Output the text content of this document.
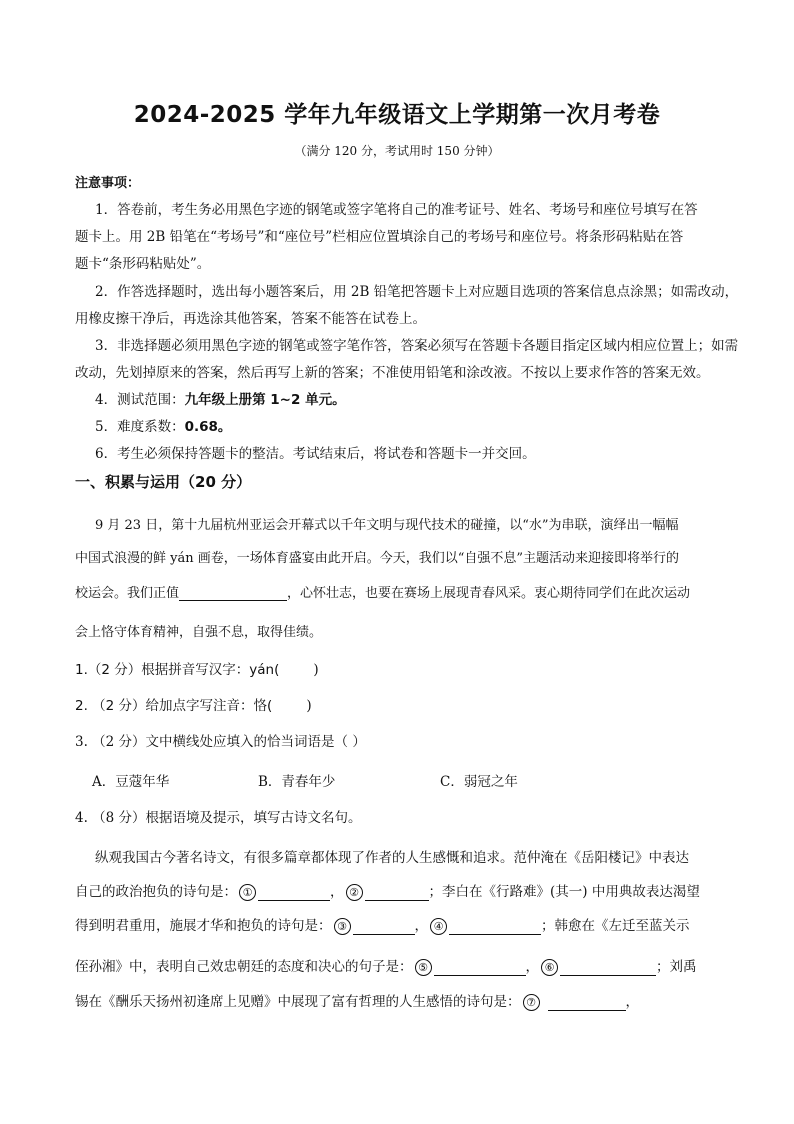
2024-2025 学年九年级语文上学期第一次月考卷
（满分 120 分，考试用时 150 分钟）
注意事项：
1．答卷前，考生务必用黑色字迹的钢笔或签字笔将自己的准考证号、姓名、考场号和座位号填写在答
题卡上。用 2B 铅笔在“考场号”和“座位号”栏相应位置填涂自己的考场号和座位号。将条形码粘贴在答
题卡“条形码粘贴处”。
2．作答选择题时，选出每小题答案后，用 2B 铅笔把答题卡上对应题目选项的答案信息点涂黑；如需改动，
用橡皮擦干净后，再选涂其他答案，答案不能答在试卷上。
3．非选择题必须用黑色字迹的钢笔或签字笔作答，答案必须写在答题卡各题目指定区域内相应位置上；如需
改动，先划掉原来的答案，然后再写上新的答案；不准使用铅笔和涂改液。不按以上要求作答的答案无效。
4．测试范围：九年级上册第 1~2 单元。
5．难度系数：0.68。
6．考生必须保持答题卡的整洁。考试结束后，将试卷和答题卡一并交回。
一、积累与运用（20 分）
9 月 23 日，第十九届杭州亚运会开幕式以千年文明与现代技术的碰撞，以“水”为串联，演绎出一幅幅
中国式浪漫的鲜 yán 画卷，一场体育盛宴由此开启。今天，我们以“自强不息”主题活动来迎接即将举行的
校运会。我们正值	，心怀壮志，也要在赛场上展现青春风采。衷心期待同学们在此次运动
会上恪守体育精神，自强不息，取得佳绩。
1.（2 分）根据拼音写汉字：yán(	)
2. （2 分）给加点字写注音：恪(	)
3. （2 分）文中横线处应填入的恰当词语是（ ）
A．豆蔻年华	B．青春年少	C．弱冠之年
4. （8 分）根据语境及提示，填写古诗文名句。
纵观我国古今著名诗文，有很多篇章都体现了作者的人生感慨和追求。范仲淹在《岳阳楼记》中表达
自己的政治抱负的诗句是： ①	， ②	；李白在《行路难》(其一) 中用典故表达渴望
得到明君重用，施展才华和抱负的诗句是： ③	， ④	；韩愈在《左迁至蓝关示
侄孙湘》中，表明自己效忠朝廷的态度和决心的句子是： ⑤	， ⑥	；刘禹
锡在《酬乐天扬州初逢席上见赠》中展现了富有哲理的人生感悟的诗句是： ⑦	，
